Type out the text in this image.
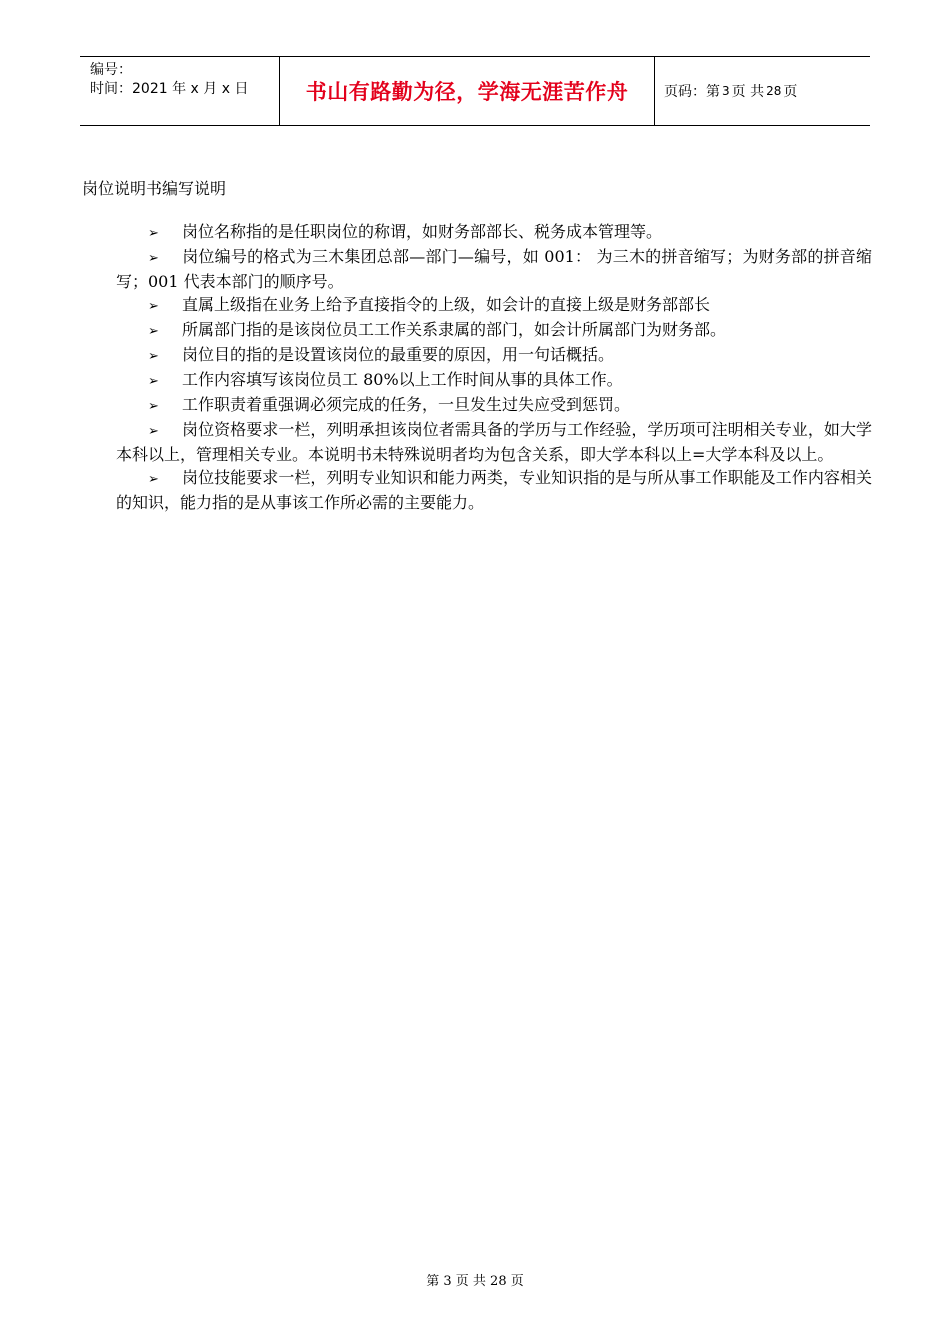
编号：
时间：2021 年 x 月 x 日	书山有路勤为径，学海无涯苦作舟	页码：第 3 页 共 28 页
岗位说明书编写说明
➢ 岗位名称指的是任职岗位的称谓，如财务部部长、税务成本管理等。
➢ 岗位编号的格式为三木集团总部—部门—编号，如 001： 为三木的拼音缩写；为财务部的拼音缩写；001 代表本部门的顺序号。
➢ 直属上级指在业务上给予直接指令的上级，如会计的直接上级是财务部部长
➢ 所属部门指的是该岗位员工工作关系隶属的部门，如会计所属部门为财务部。
➢ 岗位目的指的是设置该岗位的最重要的原因，用一句话概括。
➢ 工作内容填写该岗位员工 80%以上工作时间从事的具体工作。
➢ 工作职责着重强调必须完成的任务，一旦发生过失应受到惩罚。
➢ 岗位资格要求一栏，列明承担该岗位者需具备的学历与工作经验，学历项可注明相关专业，如大学本科以上，管理相关专业。本说明书未特殊说明者均为包含关系，即大学本科以上=大学本科及以上。
➢ 岗位技能要求一栏，列明专业知识和能力两类，专业知识指的是与所从事工作职能及工作内容相关的知识，能力指的是从事该工作所必需的主要能力。
第 3 页 共 28 页
